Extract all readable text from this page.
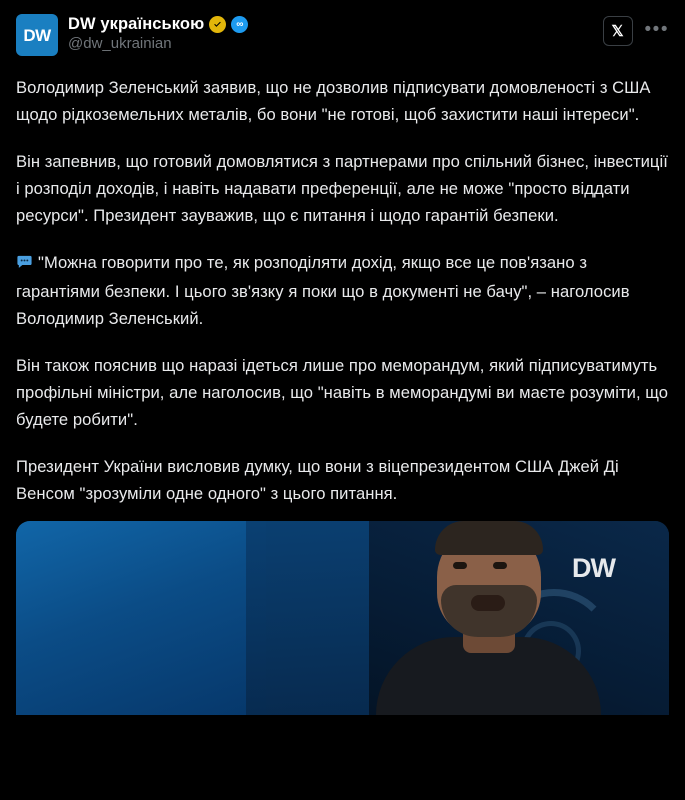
DW
DW українською	∞
@dw_ukrainian
𝕏	•••

Володимир Зеленський заявив, що не дозволив підписувати домовленості з США щодо рідкоземельних металів, бо вони "не готові, щоб захистити наші інтереси".

Він запевнив, що готовий домовлятися з партнерами про спільний бізнес, інвестиції і розподіл доходів, і навіть надавати преференції, але не може "просто віддати ресурси". Президент зауважив, що є питання і щодо гарантій безпеки.

"Можна говорити про те, як розподіляти дохід, якщо все це пов'язано з гарантіями безпеки. І цього зв'язку я поки що в документі не бачу", – наголосив Володимир Зеленський.

Він також пояснив що наразі ідеться лише про меморандум, який підписуватимуть профільні міністри, але наголосив, що "навіть в меморандумі ви маєте розуміти, що будете робити".

Президент України висловив думку, що вони з віцепрезидентом США Джей Ді Венсом "зрозуміли одне одного" з цього питання.

DW
